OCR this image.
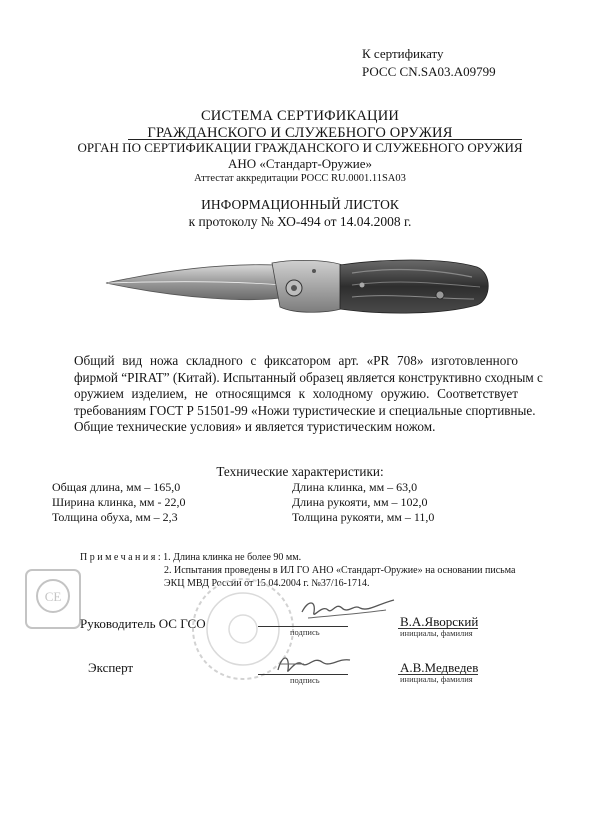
К сертификату
РОСС CN.SA03.A09799
СИСТЕМА СЕРТИФИКАЦИИ
ГРАЖДАНСКОГО И СЛУЖЕБНОГО ОРУЖИЯ
ОРГАН ПО СЕРТИФИКАЦИИ ГРАЖДАНСКОГО И СЛУЖЕБНОГО ОРУЖИЯ
АНО «Стандарт-Оружие»
Аттестат аккредитации РОСС RU.0001.11SA03
ИНФОРМАЦИОННЫЙ ЛИСТОК
к протоколу № ХО-494 от 14.04.2008 г.
Общий вид ножа складного с фиксатором арт. «PR 708» изготовленного
фирмой “PIRAT” (Китай). Испытанный образец является конструктивно сходным с
оружием изделием, не относящимся к холодному оружию. Соответствует
требованиям ГОСТ Р 51501-99 «Ножи туристические и специальные спортивные.
Общие технические условия» и является туристическим ножом.
Технические характеристики:
Общая длина, мм – 165,0
Ширина клинка, мм - 22,0
Толщина обуха, мм – 2,3
Длина клинка, мм – 63,0
Длина рукояти, мм – 102,0
Толщина рукояти, мм – 11,0
Примечания: 1. Длина клинка не более 90 мм.
2. Испытания проведены в ИЛ ГО АНО «Стандарт-Оружие» на основании письма
ЭКЦ МВД России от 15.04.2004 г. №37/16-1714.
СЕ
Руководитель ОС ГСО
подпись
В.А.Яворский
инициалы, фамилия
Эксперт
подпись
А.В.Медведев
инициалы, фамилия
